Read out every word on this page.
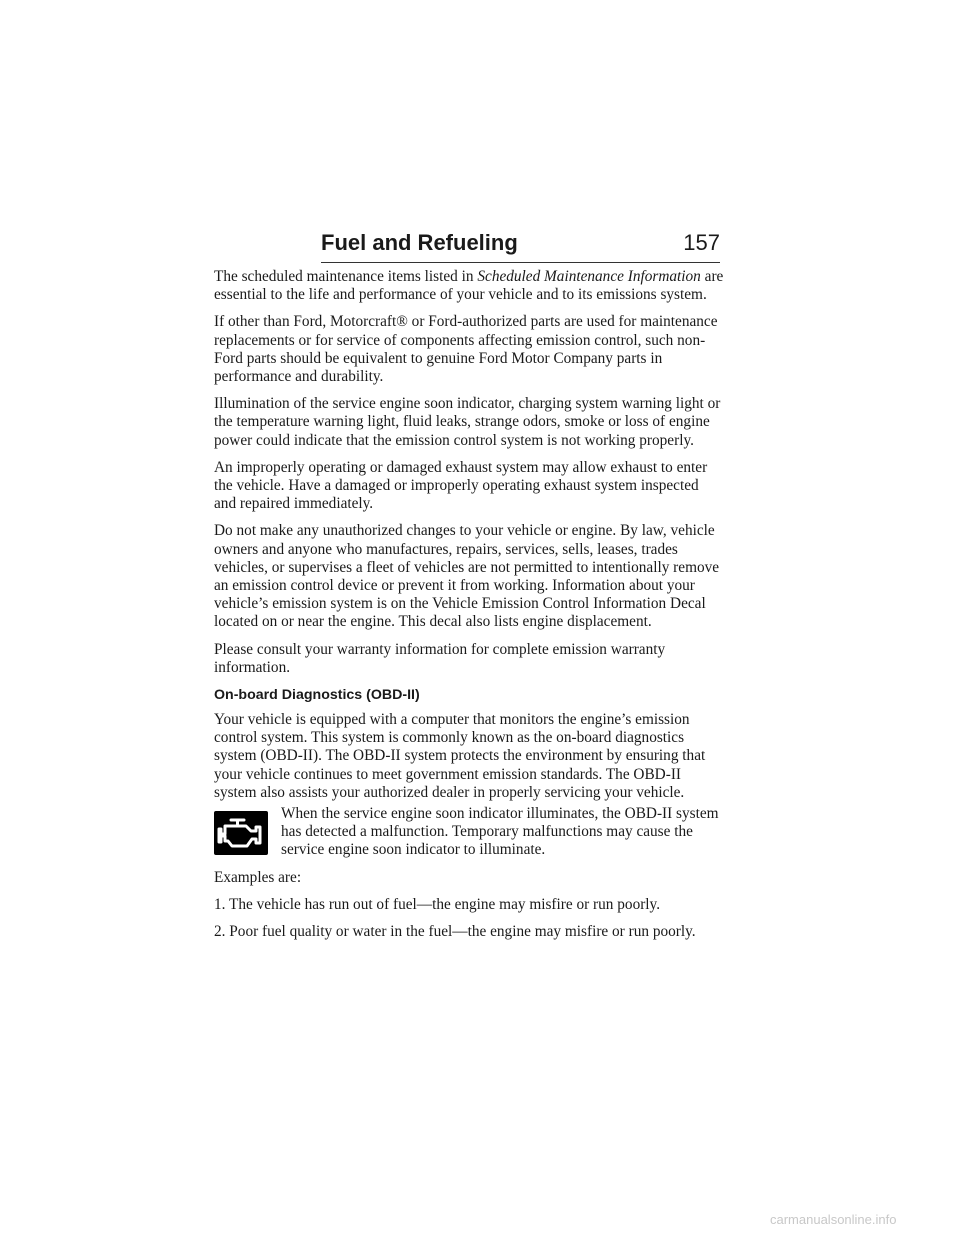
Fuel and Refueling	157

The scheduled maintenance items listed in Scheduled Maintenance Information are essential to the life and performance of your vehicle and to its emissions system.

If other than Ford, Motorcraft® or Ford-authorized parts are used for maintenance replacements or for service of components affecting emission control, such non-Ford parts should be equivalent to genuine Ford Motor Company parts in performance and durability.

Illumination of the service engine soon indicator, charging system warning light or the temperature warning light, fluid leaks, strange odors, smoke or loss of engine power could indicate that the emission control system is not working properly.

An improperly operating or damaged exhaust system may allow exhaust to enter the vehicle. Have a damaged or improperly operating exhaust system inspected and repaired immediately.

Do not make any unauthorized changes to your vehicle or engine. By law, vehicle owners and anyone who manufactures, repairs, services, sells, leases, trades vehicles, or supervises a fleet of vehicles are not permitted to intentionally remove an emission control device or prevent it from working. Information about your vehicle’s emission system is on the Vehicle Emission Control Information Decal located on or near the engine. This decal also lists engine displacement.

Please consult your warranty information for complete emission warranty information.

On-board Diagnostics (OBD-II)

Your vehicle is equipped with a computer that monitors the engine’s emission control system. This system is commonly known as the on-board diagnostics system (OBD-II). The OBD-II system protects the environment by ensuring that your vehicle continues to meet government emission standards. The OBD-II system also assists your authorized dealer in properly servicing your vehicle.

When the service engine soon indicator illuminates, the OBD-II system has detected a malfunction. Temporary malfunctions may cause the service engine soon indicator to illuminate.

Examples are:

1. The vehicle has run out of fuel—the engine may misfire or run poorly.

2. Poor fuel quality or water in the fuel—the engine may misfire or run poorly.

carmanualsonline.info
